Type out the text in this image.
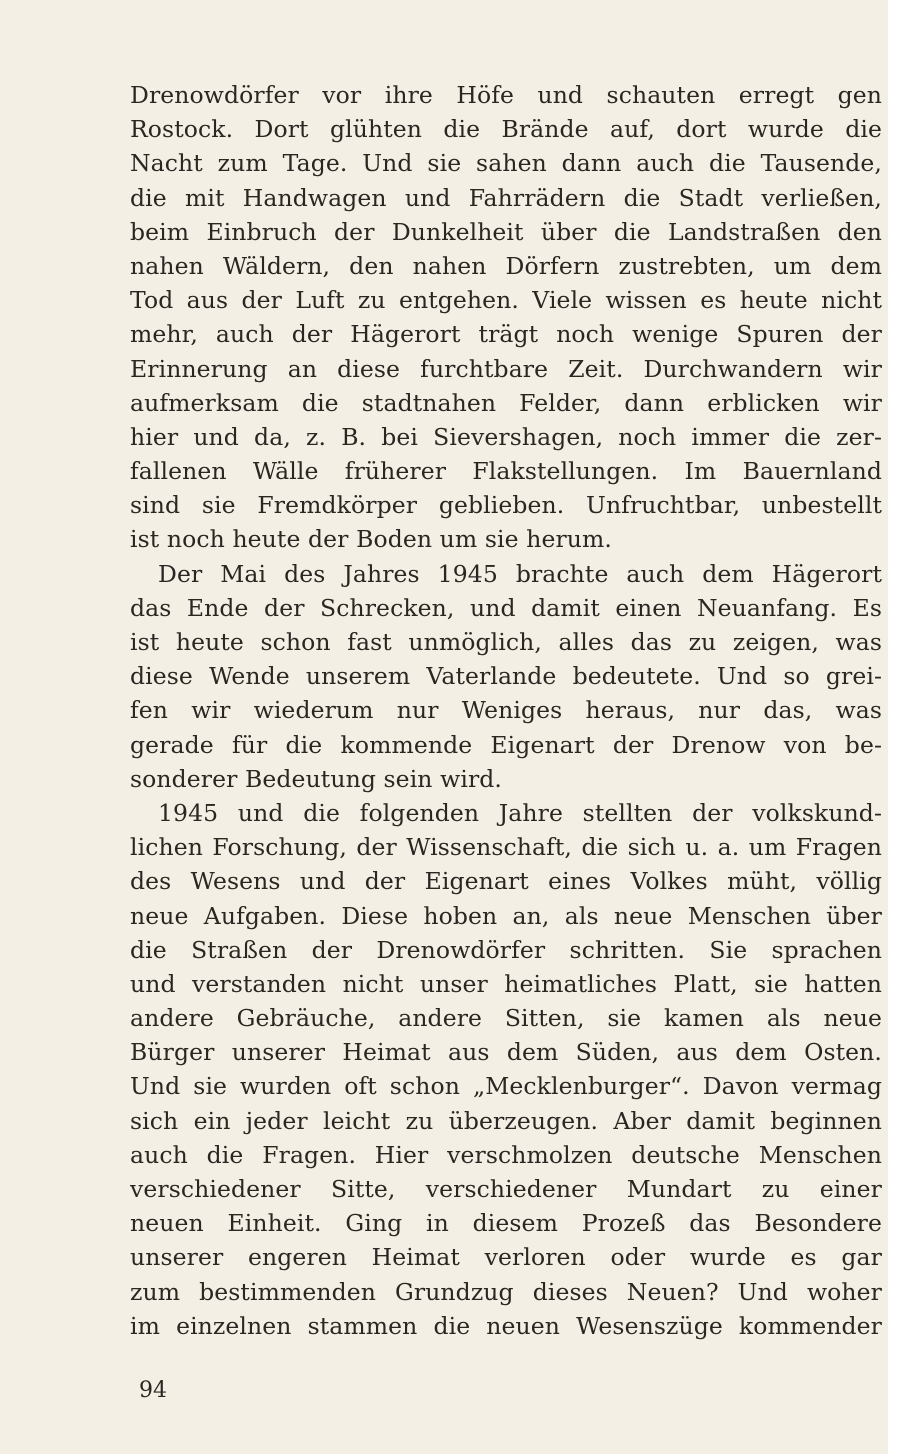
Drenowdörfer vor ihre Höfe und schauten erregt gen
Rostock. Dort glühten die Brände auf, dort wurde die
Nacht zum Tage. Und sie sahen dann auch die Tausende,
die mit Handwagen und Fahrrädern die Stadt verließen,
beim Einbruch der Dunkelheit über die Landstraßen den
nahen Wäldern, den nahen Dörfern zustrebten, um dem
Tod aus der Luft zu entgehen. Viele wissen es heute nicht
mehr, auch der Hägerort trägt noch wenige Spuren der
Erinnerung an diese furchtbare Zeit. Durchwandern wir
aufmerksam die stadtnahen Felder, dann erblicken wir
hier und da, z. B. bei Sievershagen, noch immer die zer-
fallenen Wälle früherer Flakstellungen. Im Bauernland
sind sie Fremdkörper geblieben. Unfruchtbar, unbestellt
ist noch heute der Boden um sie herum.
Der Mai des Jahres 1945 brachte auch dem Hägerort
das Ende der Schrecken, und damit einen Neuanfang. Es
ist heute schon fast unmöglich, alles das zu zeigen, was
diese Wende unserem Vaterlande bedeutete. Und so grei-
fen wir wiederum nur Weniges heraus, nur das, was
gerade für die kommende Eigenart der Drenow von be-
sonderer Bedeutung sein wird.
1945 und die folgenden Jahre stellten der volkskund-
lichen Forschung, der Wissenschaft, die sich u. a. um Fragen
des Wesens und der Eigenart eines Volkes müht, völlig
neue Aufgaben. Diese hoben an, als neue Menschen über
die Straßen der Drenowdörfer schritten. Sie sprachen
und verstanden nicht unser heimatliches Platt, sie hatten
andere Gebräuche, andere Sitten, sie kamen als neue
Bürger unserer Heimat aus dem Süden, aus dem Osten.
Und sie wurden oft schon „Mecklenburger“. Davon vermag
sich ein jeder leicht zu überzeugen. Aber damit beginnen
auch die Fragen. Hier verschmolzen deutsche Menschen
verschiedener Sitte, verschiedener Mundart zu einer
neuen Einheit. Ging in diesem Prozeß das Besondere
unserer engeren Heimat verloren oder wurde es gar
zum bestimmenden Grundzug dieses Neuen? Und woher
im einzelnen stammen die neuen Wesenszüge kommender
94
